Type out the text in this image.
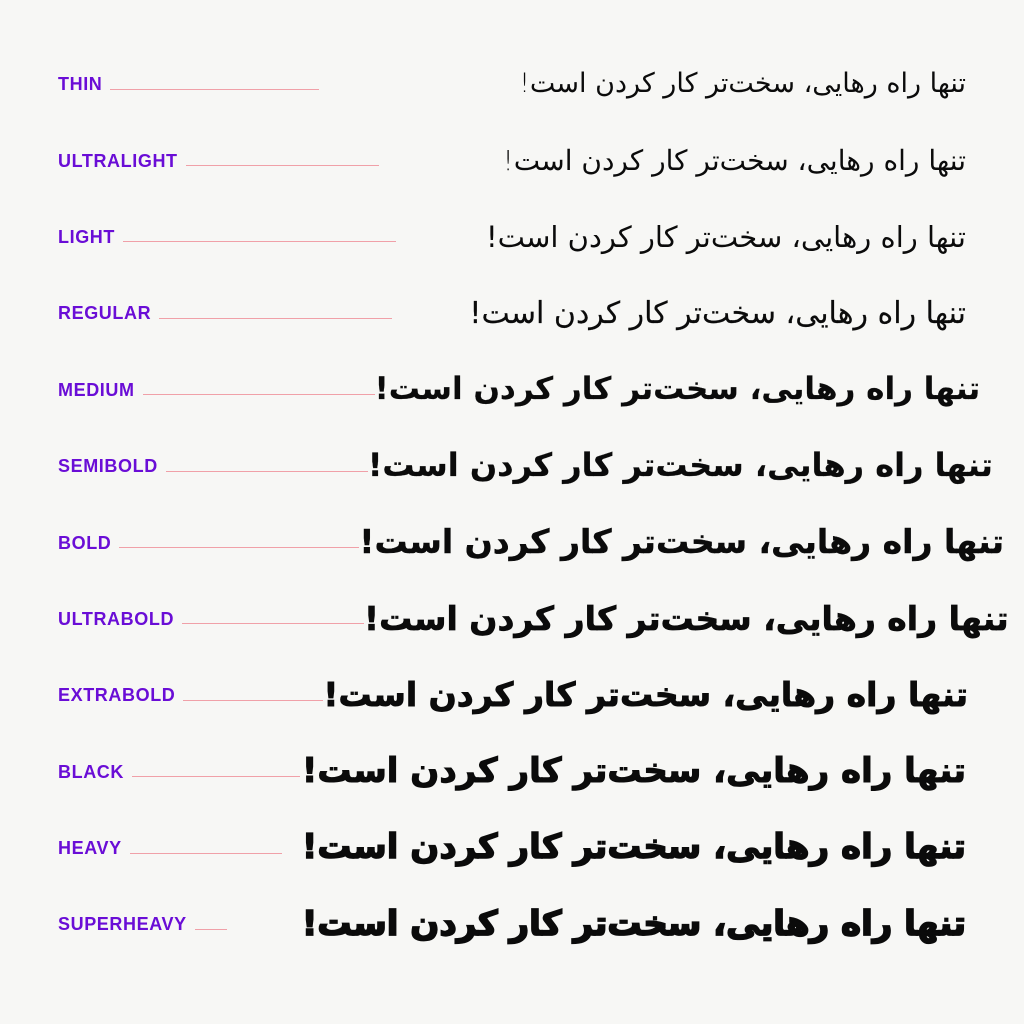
THIN	تنها راه رهایی، سخت‌تر کار کردن است!
ULTRALIGHT	تنها راه رهایی، سخت‌تر کار کردن است!
LIGHT	تنها راه رهایی، سخت‌تر کار کردن است!
REGULAR	تنها راه رهایی، سخت‌تر کار کردن است!
MEDIUM	تنها راه رهایی، سخت‌تر کار کردن است!
SEMIBOLD	تنها راه رهایی، سخت‌تر کار کردن است!
BOLD	تنها راه رهایی، سخت‌تر کار کردن است!
ULTRABOLD	تنها راه رهایی، سخت‌تر کار کردن است!
EXTRABOLD	تنها راه رهایی، سخت‌تر کار کردن است!
BLACK	تنها راه رهایی، سخت‌تر کار کردن است!
HEAVY	تنها راه رهایی، سخت‌تر کار کردن است!
SUPERHEAVY	تنها راه رهایی، سخت‌تر کار کردن است!
